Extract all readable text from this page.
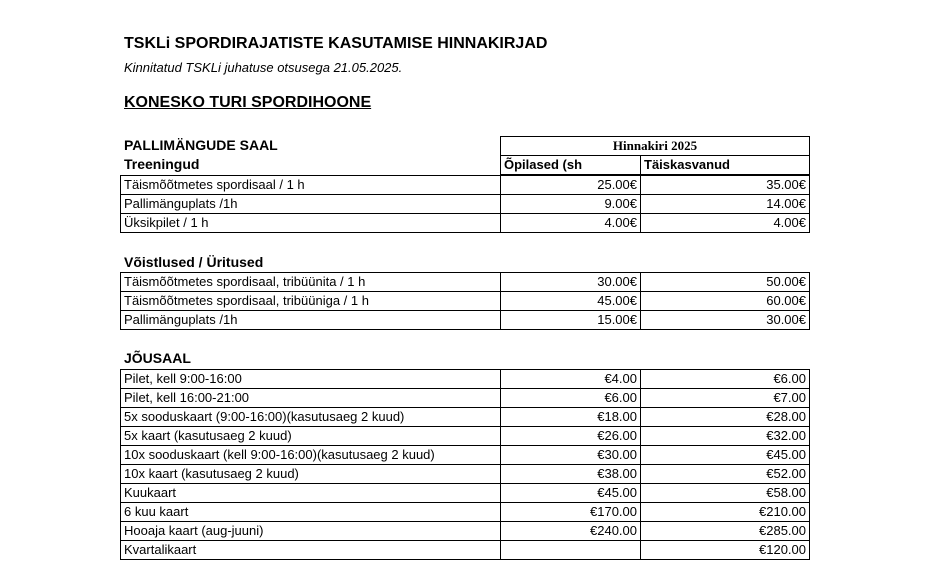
TSKLi SPORDIRAJATISTE KASUTAMISE HINNAKIRJAD
Kinnitatud TSKLi juhatuse otsusega 21.05.2025.
KONESKO TURI SPORDIHOONE
Hinnakiri 2025
Õpilased (sh	Täiskasvanud
PALLIMÄNGUDE SAAL
Treeningud
Täismõõtmetes spordisaal / 1 h	25.00€	35.00€
Pallimänguplats /1h	9.00€	14.00€
Üksikpilet / 1 h	4.00€	4.00€
Võistlused / Üritused
Täismõõtmetes spordisaal, tribüünita / 1 h	30.00€	50.00€
Täismõõtmetes spordisaal, tribüüniga / 1 h	45.00€	60.00€
Pallimänguplats /1h	15.00€	30.00€
JÕUSAAL
Pilet, kell 9:00-16:00	€4.00	€6.00
Pilet, kell 16:00-21:00	€6.00	€7.00
5x sooduskaart (9:00-16:00)(kasutusaeg 2 kuud)	€18.00	€28.00
5x kaart (kasutusaeg 2 kuud)	€26.00	€32.00
10x sooduskaart (kell 9:00-16:00)(kasutusaeg 2 kuud)	€30.00	€45.00
10x kaart (kasutusaeg 2 kuud)	€38.00	€52.00
Kuukaart	€45.00	€58.00
6 kuu kaart	€170.00	€210.00
Hooaja kaart (aug-juuni)	€240.00	€285.00
Kvartalikaart		€120.00
